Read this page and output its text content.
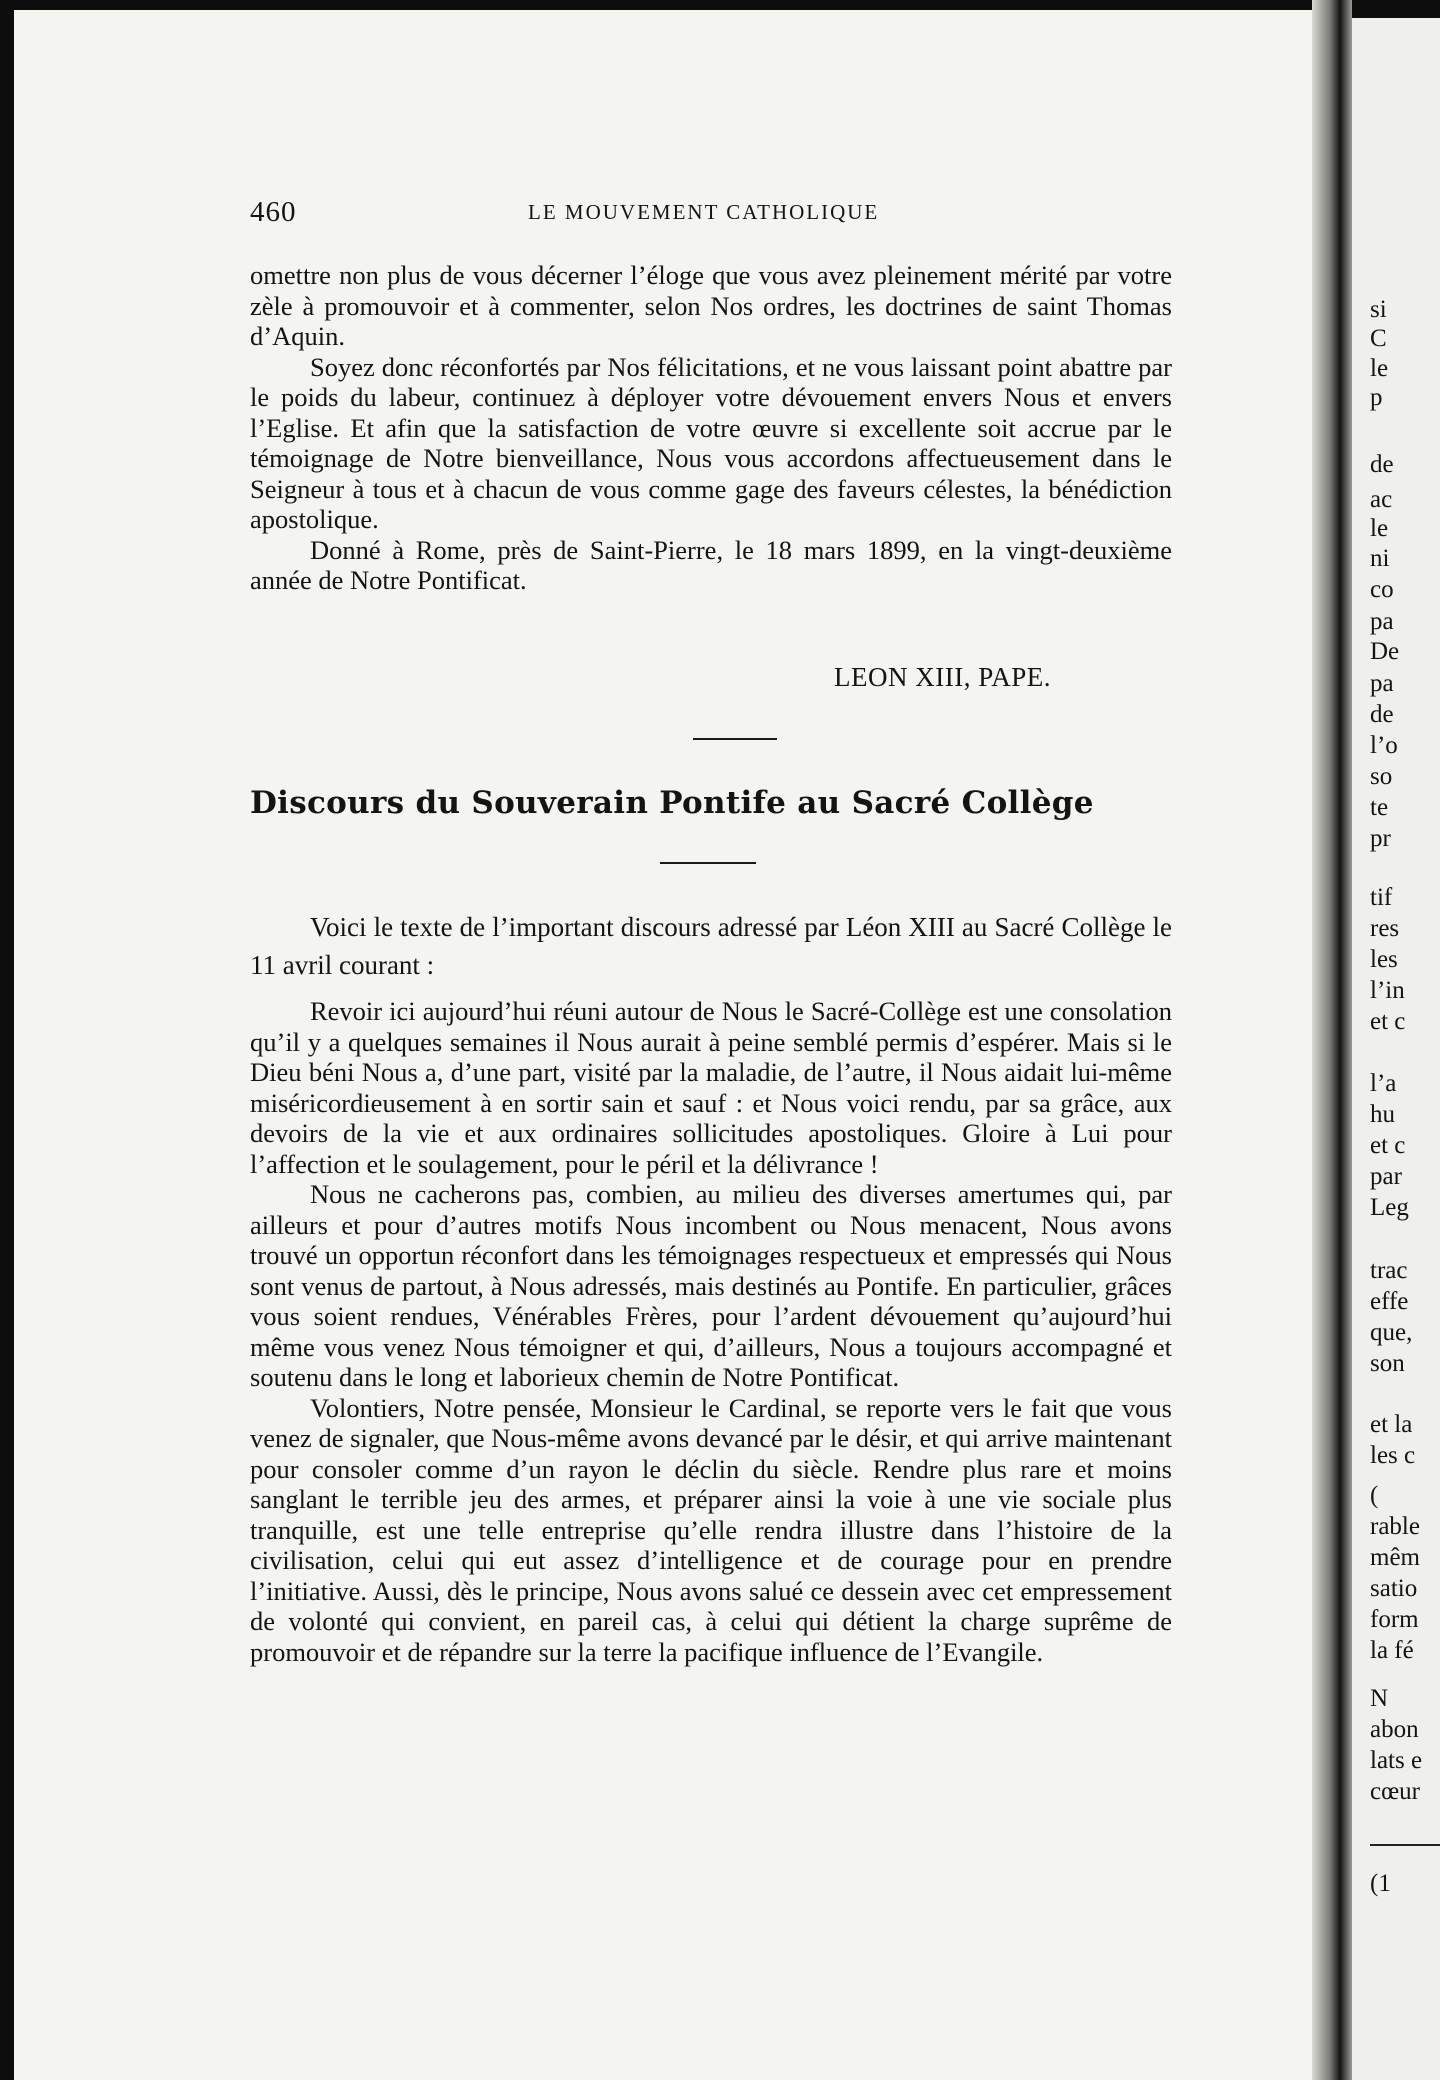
si
C
le
p
de
ac
le
ni
co
pa
De
pa
de
l’o
so
te
pr
tif
res
les
l’in
et c
l’a
hu
et c
par
Leg
trac
effe
que,
son
et la
les c
(
rable
mêm
satio
form
la fé
N
abon
lats e
cœur
(1
460	LE MOUVEMENT CATHOLIQUE

omettre non plus de vous décerner l’éloge que vous avez pleinement mérité par votre zèle à promouvoir et à commenter, selon Nos ordres, les doctrines de saint Thomas d’Aquin.

Soyez donc réconfortés par Nos félicitations, et ne vous laissant point abattre par le poids du labeur, continuez à déployer votre dévouement envers Nous et envers l’Eglise. Et afin que la satisfaction de votre œuvre si excellente soit accrue par le témoignage de Notre bienveillance, Nous vous accordons affectueusement dans le Seigneur à tous et à chacun de vous comme gage des faveurs célestes, la bénédiction apostolique.

Donné à Rome, près de Saint-Pierre, le 18 mars 1899, en la vingt-deuxième année de Notre Pontificat.

LEON XIII, PAPE.
Discours du Souverain Pontife au Sacré Collège

Voici le texte de l’important discours adressé par Léon XIII au Sacré Collège le 11 avril courant :

Revoir ici aujourd’hui réuni autour de Nous le Sacré-Collège est une consolation qu’il y a quelques semaines il Nous aurait à peine semblé permis d’espérer. Mais si le Dieu béni Nous a, d’une part, visité par la maladie, de l’autre, il Nous aidait lui-même miséricordieusement à en sortir sain et sauf : et Nous voici rendu, par sa grâce, aux devoirs de la vie et aux ordinaires sollicitudes apostoliques. Gloire à Lui pour l’affection et le soulagement, pour le péril et la délivrance !

Nous ne cacherons pas, combien, au milieu des diverses amertumes qui, par ailleurs et pour d’autres motifs Nous incombent ou Nous menacent, Nous avons trouvé un opportun réconfort dans les témoignages respectueux et empressés qui Nous sont venus de partout, à Nous adressés, mais destinés au Pontife. En particulier, grâces vous soient rendues, Vénérables Frères, pour l’ardent dévouement qu’aujourd’hui même vous venez Nous témoigner et qui, d’ailleurs, Nous a toujours accompagné et soutenu dans le long et laborieux chemin de Notre Pontificat.

Volontiers, Notre pensée, Monsieur le Cardinal, se reporte vers le fait que vous venez de signaler, que Nous-même avons devancé par le désir, et qui arrive maintenant pour consoler comme d’un rayon le déclin du siècle. Rendre plus rare et moins sanglant le terrible jeu des armes, et préparer ainsi la voie à une vie sociale plus tranquille, est une telle entreprise qu’elle rendra illustre dans l’histoire de la civilisation, celui qui eut assez d’intelligence et de courage pour en prendre l’initiative. Aussi, dès le principe, Nous avons salué ce dessein avec cet empressement de volonté qui convient, en pareil cas, à celui qui détient la charge suprême de promouvoir et de répandre sur la terre la pacifique influence de l’Evangile.
